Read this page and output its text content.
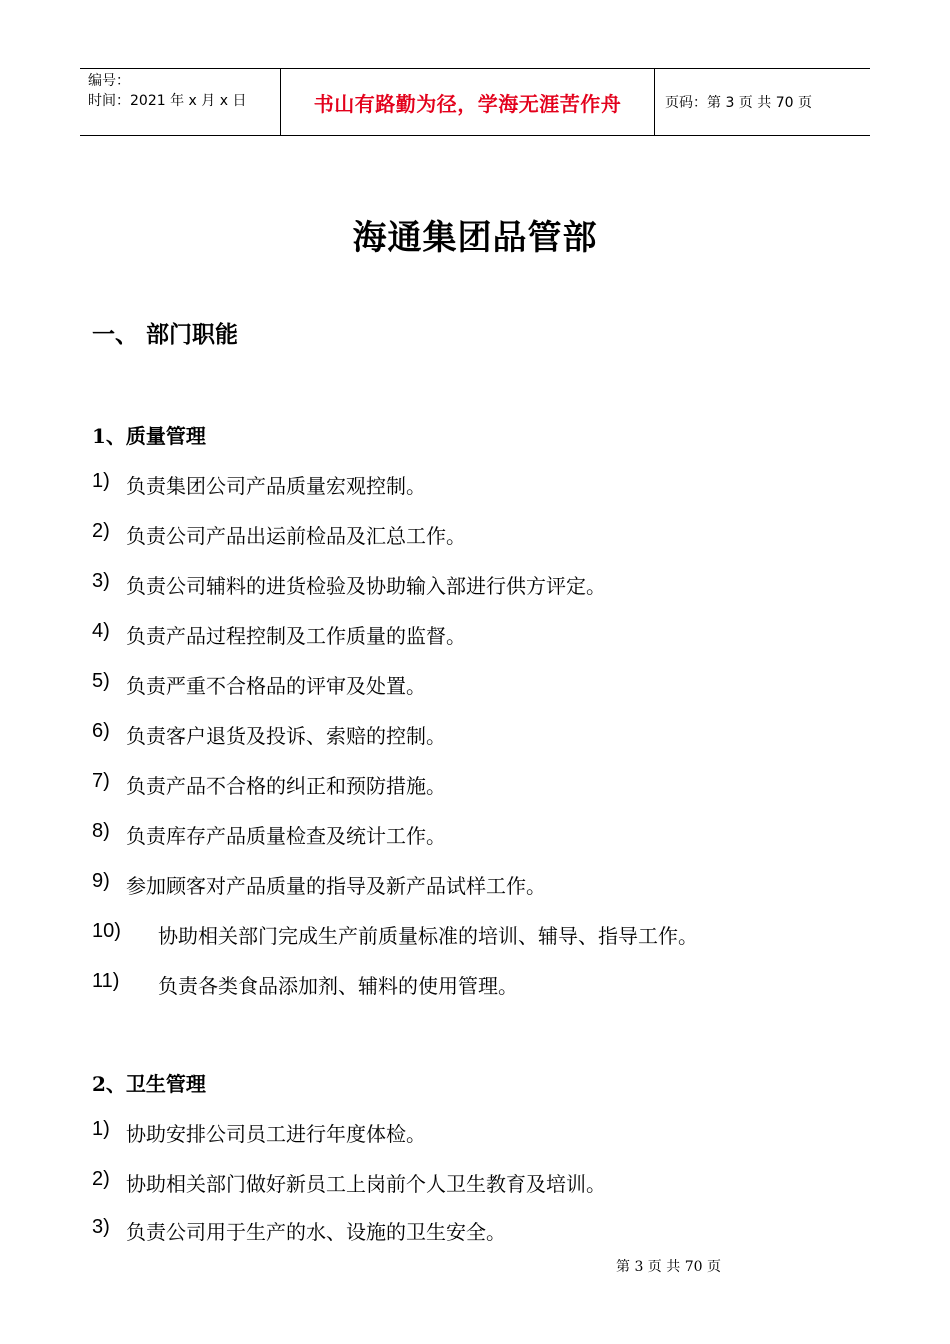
编号：
时间：2021 年 x 月 x 日	书山有路勤为径，学海无涯苦作舟	页码：第 3 页 共 70 页
海通集团品管部
一、 部门职能
1、质量管理
1) 负责集团公司产品质量宏观控制。
2) 负责公司产品出运前检品及汇总工作。
3) 负责公司辅料的进货检验及协助输入部进行供方评定。
4) 负责产品过程控制及工作质量的监督。
5) 负责严重不合格品的评审及处置。
6) 负责客户退货及投诉、索赔的控制。
7) 负责产品不合格的纠正和预防措施。
8) 负责库存产品质量检查及统计工作。
9) 参加顾客对产品质量的指导及新产品试样工作。
10)	协助相关部门完成生产前质量标准的培训、辅导、指导工作。
11)	负责各类食品添加剂、辅料的使用管理。
2、卫生管理
1) 协助安排公司员工进行年度体检。
2) 协助相关部门做好新员工上岗前个人卫生教育及培训。
3) 负责公司用于生产的水、设施的卫生安全。
第 3 页 共 70 页
